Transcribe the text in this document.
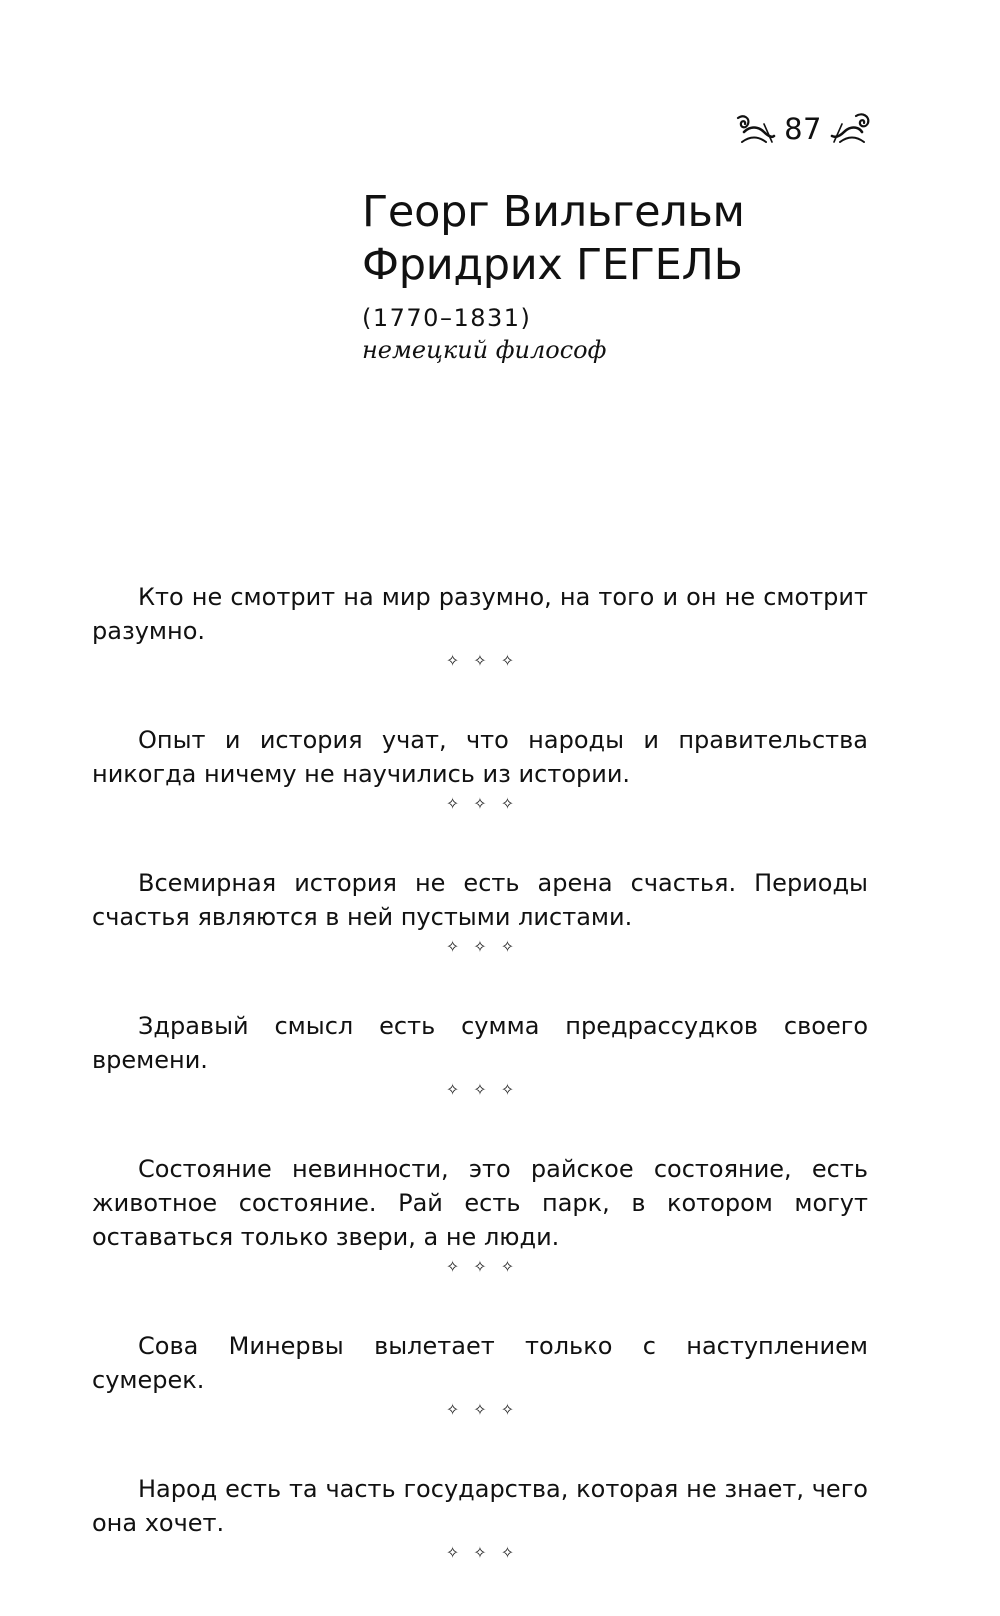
87
Георг Вильгельм
Фридрих ГЕГЕЛЬ
(1770–1831)
немецкий философ

Кто не смотрит на мир разумно, на того и он не смотрит разумно.

✧ ✧ ✧

Опыт и история учат, что народы и правительства никогда ничему не научились из истории.

✧ ✧ ✧

Всемирная история не есть арена счастья. Периоды счастья являются в ней пустыми листами.

✧ ✧ ✧

Здравый смысл есть сумма предрассудков своего времени.

✧ ✧ ✧

Состояние невинности, это райское состояние, есть животное состояние. Рай есть парк, в котором могут оставаться только звери, а не люди.

✧ ✧ ✧

Сова Минервы вылетает только с наступлением сумерек.

✧ ✧ ✧

Народ есть та часть государства, которая не знает, чего она хочет.

✧ ✧ ✧
